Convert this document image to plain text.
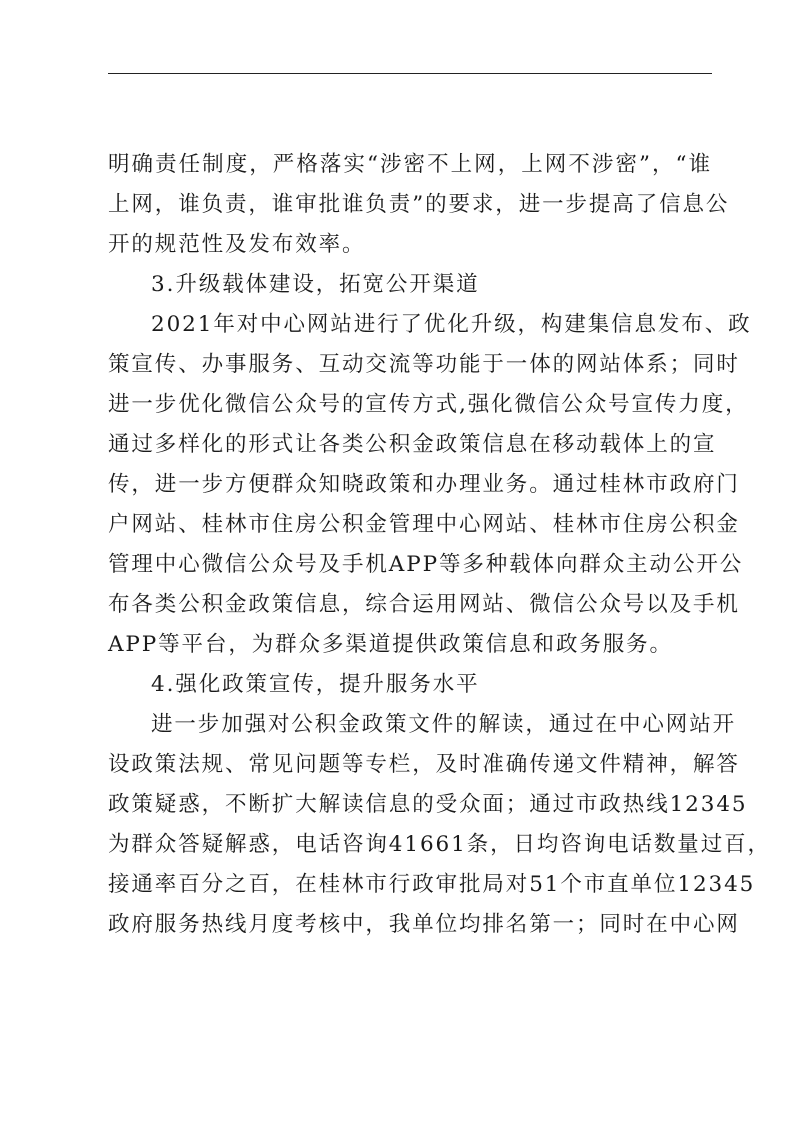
明确责任制度，严格落实“涉密不上网，上网不涉密”，“谁
上网，谁负责，谁审批谁负责”的要求，进一步提高了信息公
开的规范性及发布效率。

3.升级载体建设，拓宽公开渠道

2021年对中心网站进行了优化升级，构建集信息发布、政
策宣传、办事服务、互动交流等功能于一体的网站体系；同时
进一步优化微信公众号的宣传方式,强化微信公众号宣传力度，
通过多样化的形式让各类公积金政策信息在移动载体上的宣
传，进一步方便群众知晓政策和办理业务。通过桂林市政府门
户网站、桂林市住房公积金管理中心网站、桂林市住房公积金
管理中心微信公众号及手机APP等多种载体向群众主动公开公
布各类公积金政策信息，综合运用网站、微信公众号以及手机
APP等平台，为群众多渠道提供政策信息和政务服务。

4.强化政策宣传，提升服务水平

进一步加强对公积金政策文件的解读，通过在中心网站开
设政策法规、常见问题等专栏，及时准确传递文件精神，解答
政策疑惑，不断扩大解读信息的受众面；通过市政热线12345
为群众答疑解惑，电话咨询41661条，日均咨询电话数量过百，
接通率百分之百，在桂林市行政审批局对51个市直单位12345
政府服务热线月度考核中，我单位均排名第一；同时在中心网
